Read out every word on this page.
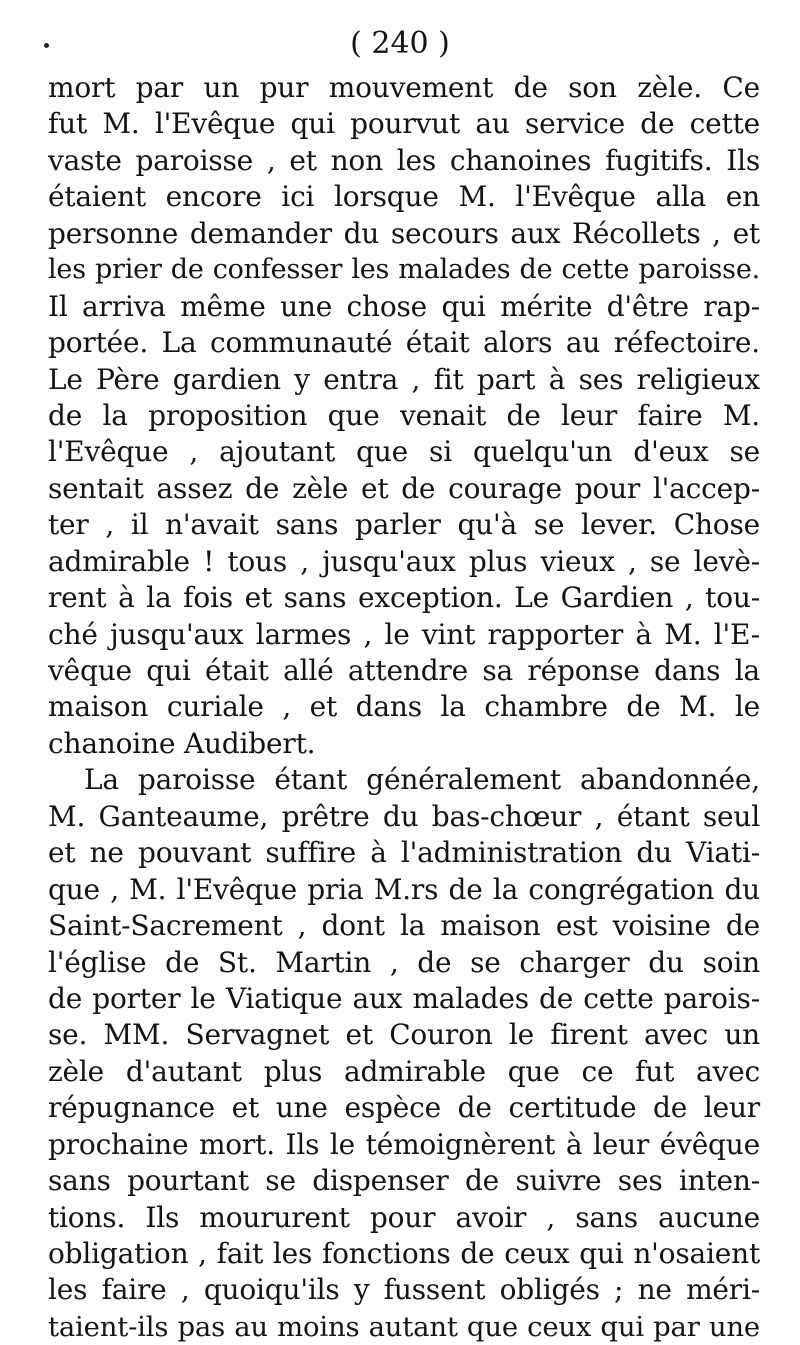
( 240 )
mort par un pur mouvement de son zèle. Ce
fut M. l'Evêque qui pourvut au service de cette
vaste paroisse , et non les chanoines fugitifs. Ils
étaient encore ici lorsque M. l'Evêque alla en
personne demander du secours aux Récollets , et
les prier de confesser les malades de cette paroisse.
Il arriva même une chose qui mérite d'être rap-
portée. La communauté était alors au réfectoire.
Le Père gardien y entra , fit part à ses religieux
de la proposition que venait de leur faire M.
l'Evêque , ajoutant que si quelqu'un d'eux se
sentait assez de zèle et de courage pour l'accep-
ter , il n'avait sans parler qu'à se lever. Chose
admirable ! tous , jusqu'aux plus vieux , se levè-
rent à la fois et sans exception. Le Gardien , tou-
ché jusqu'aux larmes , le vint rapporter à M. l'E-
vêque qui était allé attendre sa réponse dans la
maison curiale , et dans la chambre de M. le
chanoine Audibert.
La paroisse étant généralement abandonnée,
M. Ganteaume, prêtre du bas-chœur , étant seul
et ne pouvant suffire à l'administration du Viati-
que , M. l'Evêque pria M.rs de la congrégation du
Saint-Sacrement , dont la maison est voisine de
l'église de St. Martin , de se charger du soin
de porter le Viatique aux malades de cette parois-
se. MM. Servagnet et Couron le firent avec un
zèle d'autant plus admirable que ce fut avec
répugnance et une espèce de certitude de leur
prochaine mort. Ils le témoignèrent à leur évêque
sans pourtant se dispenser de suivre ses inten-
tions. Ils moururent pour avoir , sans aucune
obligation , fait les fonctions de ceux qui n'osaient
les faire , quoiqu'ils y fussent obligés ; ne méri-
taient-ils pas au moins autant que ceux qui par une
